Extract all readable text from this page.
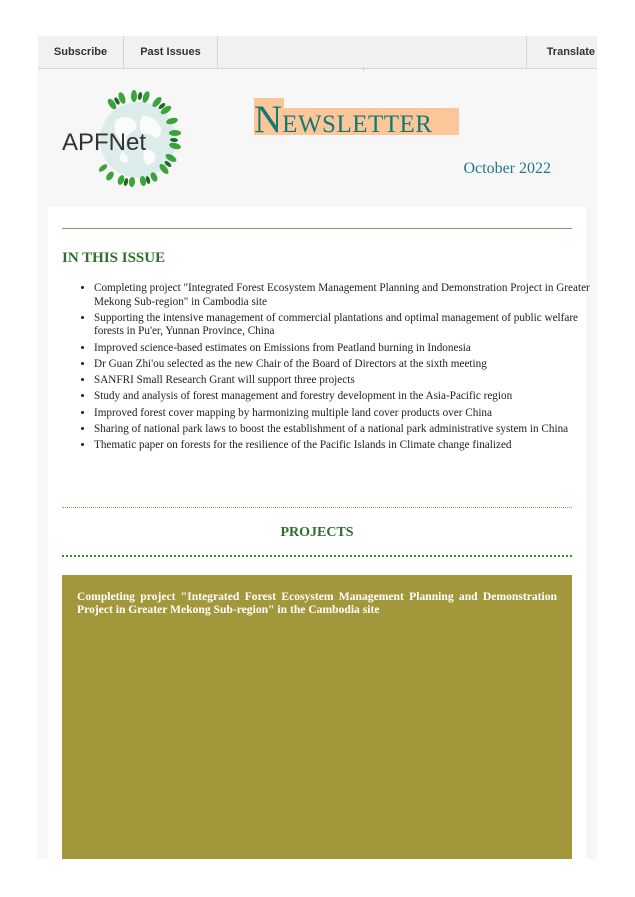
Subscribe	Past Issues	Translate
APFNet
NEWSLETTER
October 2022
IN THIS ISSUE
• Completing project "Integrated Forest Ecosystem Management Planning and Demonstration Project in Greater Mekong Sub-region" in Cambodia site
• Supporting the intensive management of commercial plantations and optimal management of public welfare forests in Pu'er, Yunnan Province, China
• Improved science-based estimates on Emissions from Peatland burning in Indonesia
• Dr Guan Zhi'ou selected as the new Chair of the Board of Directors at the sixth meeting
• SANFRI Small Research Grant will support three projects
• Study and analysis of forest management and forestry development in the Asia-Pacific region
• Improved forest cover mapping by harmonizing multiple land cover products over China
• Sharing of national park laws to boost the establishment of a national park administrative system in China
• Thematic paper on forests for the resilience of the Pacific Islands in Climate change finalized
PROJECTS
Completing project "Integrated Forest Ecosystem Management Planning and Demonstration Project in Greater Mekong Sub-region" in the Cambodia site
